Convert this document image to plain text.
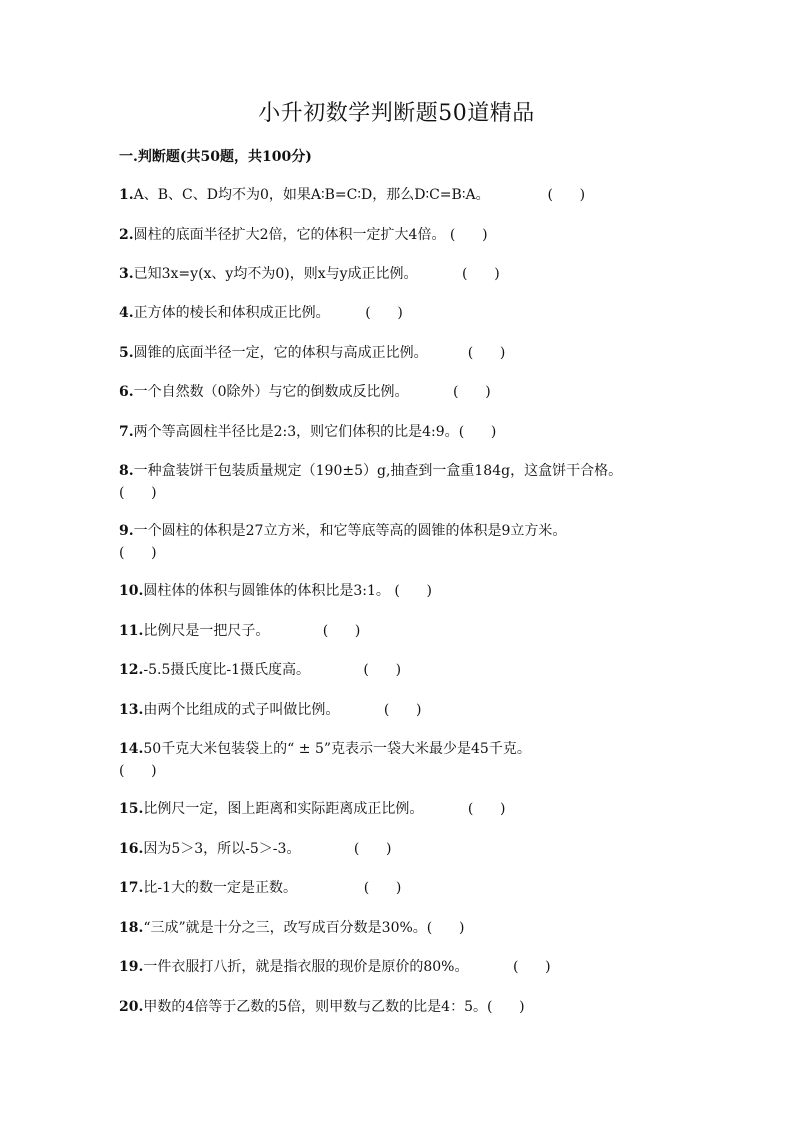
小升初数学判断题50道精品
一.判断题(共50题，共100分)
1.A、B、C、D均不为0，如果A∶B=C∶D，那么D∶C=B∶A。	(      )
2.圆柱的底面半径扩大2倍，它的体积一定扩大4倍。 (      )
3.已知3x=y(x、y均不为0)，则x与y成正比例。	(      )
4.正方体的棱长和体积成正比例。	(      )
5.圆锥的底面半径一定，它的体积与高成正比例。	(      )
6.一个自然数（0除外）与它的倒数成反比例。	(      )
7.两个等高圆柱半径比是2:3，则它们体积的比是4:9。(      )
8.一种盒装饼干包装质量规定（190±5）g,抽查到一盒重184g，这盒饼干合格。
(      )
9.一个圆柱的体积是27立方米，和它等底等高的圆锥的体积是9立方米。
(      )
10.圆柱体的体积与圆锥体的体积比是3:1。 (      )
11.比例尺是一把尺子。	(      )
12.-5.5摄氏度比-1摄氏度高。	(      )
13.由两个比组成的式子叫做比例。	(      )
14.50千克大米包装袋上的“ ± 5”克表示一袋大米最少是45千克。           (      )
15.比例尺一定，图上距离和实际距离成正比例。	(      )
16.因为5＞3，所以-5＞-3。	(      )
17.比-1大的数一定是正数。	(      )
18.“三成”就是十分之三，改写成百分数是30%。(      )
19.一件衣服打八折，就是指衣服的现价是原价的80%。	(      )
20.甲数的4倍等于乙数的5倍，则甲数与乙数的比是4：5。(      )
